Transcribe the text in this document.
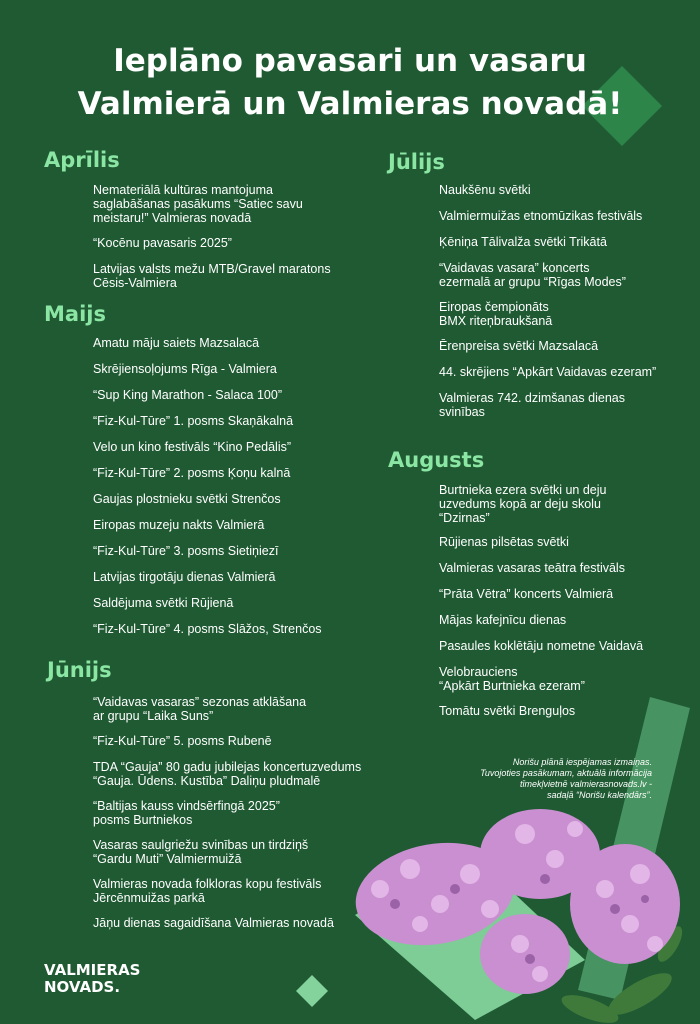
Ieplāno pavasari un vasaru
Valmierā un Valmieras novadā!
Aprīlis
Nemateriālā kultūras mantojuma
saglabāšanas pasākums “Satiec savu
meistaru!” Valmieras novadā
“Kocēnu pavasaris 2025”
Latvijas valsts mežu MTB/Gravel maratons
Cēsis-Valmiera
Maijs
Amatu māju saiets Mazsalacā
Skrējiensoļojums Rīga - Valmiera
“Sup King Marathon - Salaca 100”
“Fiz-Kul-Tūre” 1. posms Skaņākalnā
Velo un kino festivāls “Kino Pedālis”
“Fiz-Kul-Tūre” 2. posms Ķoņu kalnā
Gaujas plostnieku svētki Strenčos
Eiropas muzeju nakts Valmierā
“Fiz-Kul-Tūre” 3. posms Sietiņiezī
Latvijas tirgotāju dienas Valmierā
Saldējuma svētki Rūjienā
“Fiz-Kul-Tūre” 4. posms Slāžos, Strenčos
Jūnijs
“Vaidavas vasaras” sezonas atklāšana
ar grupu “Laika Suns”
“Fiz-Kul-Tūre” 5. posms Rubenē
TDA “Gauja” 80 gadu jubilejas koncertuzvedums
“Gauja. Ūdens. Kustība” Daliņu pludmalē
“Baltijas kauss vindsērfingā 2025”
posms Burtniekos
Vasaras saulgriežu svinības un tirdziņš
“Gardu Muti” Valmiermuižā
Valmieras novada folkloras kopu festivāls
Jērcēnmuižas parkā
Jāņu dienas sagaidīšana Valmieras novadā
Jūlijs
Naukšēnu svētki
Valmiermuižas etnomūzikas festivāls
Ķēniņa Tālivalža svētki Trikātā
“Vaidavas vasara” koncerts
ezermalā ar grupu “Rīgas Modes”
Eiropas čempionāts
BMX riteņbraukšanā
Ērenpreisa svētki Mazsalacā
44. skrējiens “Apkārt Vaidavas ezeram”
Valmieras 742. dzimšanas dienas
svinības
Augusts
Burtnieka ezera svētki un deju
uzvedums kopā ar deju skolu
“Dzirnas”
Rūjienas pilsētas svētki
Valmieras vasaras teātra festivāls
“Prāta Vētra” koncerts Valmierā
Mājas kafejnīcu dienas
Pasaules koklētāju nometne Vaidavā
Velobrauciens
“Apkārt Burtnieka ezeram”
Tomātu svētki Brenguļos
Norišu plānā iespējamas izmaiņas.
Tuvojoties pasākumam, aktuālā informācija
tīmekļvietnē valmierasnovads.lv -
sadaļā “Norišu kalendārs”.
VALMIERAS
NOVADS.
